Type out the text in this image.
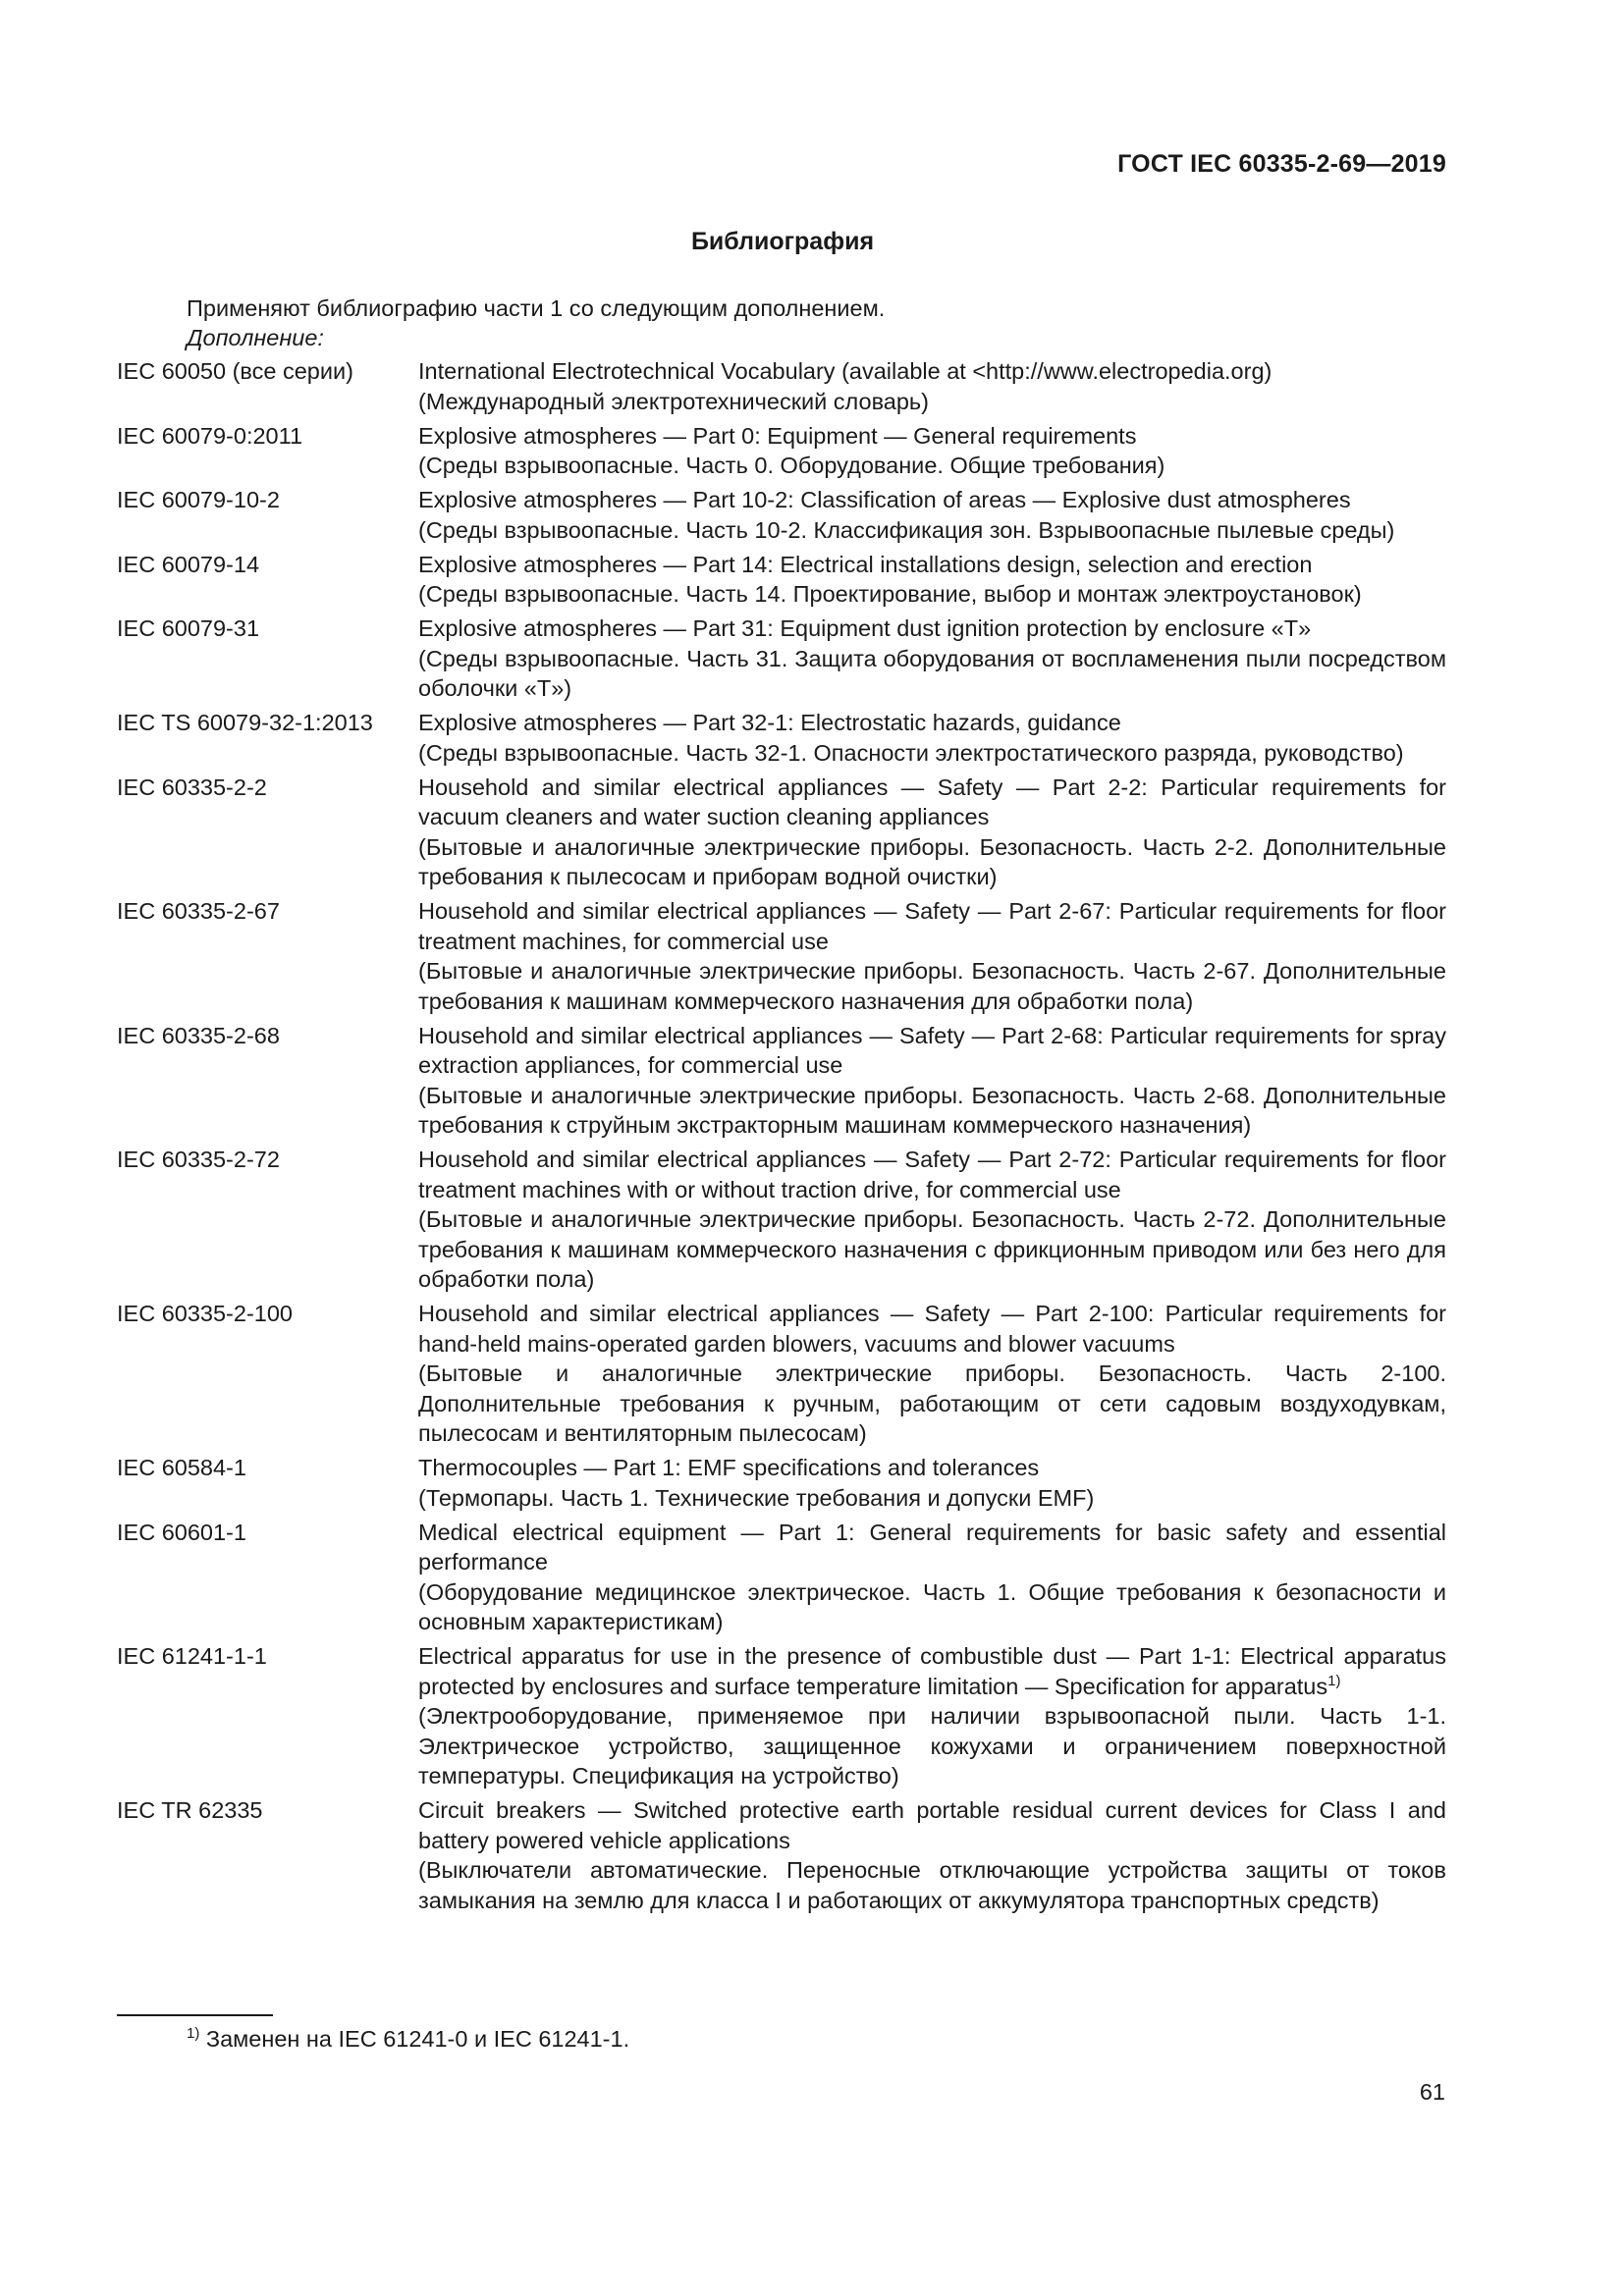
ГОСТ IEC 60335-2-69—2019
Библиография
Применяют библиографию части 1 со следующим дополнением.
Дополнение:
IEC 60050 (все серии)	International Electrotechnical Vocabulary (available at <http://www.electropedia.org)
(Международный электротехнический словарь)
IEC 60079-0:2011	Explosive atmospheres — Part 0: Equipment — General requirements
(Среды взрывоопасные. Часть 0. Оборудование. Общие требования)
IEC 60079-10-2	Explosive atmospheres — Part 10-2: Classification of areas — Explosive dust atmospheres
(Среды взрывоопасные. Часть 10-2. Классификация зон. Взрывоопасные пылевые среды)
IEC 60079-14	Explosive atmospheres — Part 14: Electrical installations design, selection and erection
(Среды взрывоопасные. Часть 14. Проектирование, выбор и монтаж электроустановок)
IEC 60079-31	Explosive atmospheres — Part 31: Equipment dust ignition protection by enclosure «T»
(Среды взрывоопасные. Часть 31. Защита оборудования от воспламенения пыли посредством оболочки «T»)
IEC TS 60079-32-1:2013	Explosive atmospheres — Part 32-1: Electrostatic hazards, guidance
(Среды взрывоопасные. Часть 32-1. Опасности электростатического разряда, руководство)
IEC 60335-2-2	Household and similar electrical appliances — Safety — Part 2-2: Particular requirements for vacuum cleaners and water suction cleaning appliances
(Бытовые и аналогичные электрические приборы. Безопасность. Часть 2-2. Дополнительные требования к пылесосам и приборам водной очистки)
IEC 60335-2-67	Household and similar electrical appliances — Safety — Part 2-67: Particular requirements for floor treatment machines, for commercial use
(Бытовые и аналогичные электрические приборы. Безопасность. Часть 2-67. Дополнительные требования к машинам коммерческого назначения для обработки пола)
IEC 60335-2-68	Household and similar electrical appliances — Safety — Part 2-68: Particular requirements for spray extraction appliances, for commercial use
(Бытовые и аналогичные электрические приборы. Безопасность. Часть 2-68. Дополнительные требования к струйным экстракторным машинам коммерческого назначения)
IEC 60335-2-72	Household and similar electrical appliances — Safety — Part 2-72: Particular requirements for floor treatment machines with or without traction drive, for commercial use
(Бытовые и аналогичные электрические приборы. Безопасность. Часть 2-72. Дополнительные требования к машинам коммерческого назначения с фрикционным приводом или без него для обработки пола)
IEC 60335-2-100	Household and similar electrical appliances — Safety — Part 2-100: Particular requirements for hand-held mains-operated garden blowers, vacuums and blower vacuums
(Бытовые и аналогичные электрические приборы. Безопасность. Часть 2-100. Дополнительные требования к ручным, работающим от сети садовым воздуходувкам, пылесосам и вентиляторным пылесосам)
IEC 60584-1	Thermocouples — Part 1: EMF specifications and tolerances
(Термопары. Часть 1. Технические требования и допуски EMF)
IEC 60601-1	Medical electrical equipment — Part 1: General requirements for basic safety and essential performance
(Оборудование медицинское электрическое. Часть 1. Общие требования к безопасности и основным характеристикам)
IEC 61241-1-1	Electrical apparatus for use in the presence of combustible dust — Part 1-1: Electrical apparatus protected by enclosures and surface temperature limitation — Specification for apparatus$^{1)}$
(Электрооборудование, применяемое при наличии взрывоопасной пыли. Часть 1-1. Электрическое устройство, защищенное кожухами и ограничением поверхностной температуры. Спецификация на устройство)
IEC TR 62335	Circuit breakers — Switched protective earth portable residual current devices for Class I and battery powered vehicle applications
(Выключатели автоматические. Переносные отключающие устройства защиты от токов замыкания на землю для класса I и работающих от аккумулятора транспортных средств)
$^{1)}$ Заменен на IEC 61241-0 и IEC 61241-1.
61
